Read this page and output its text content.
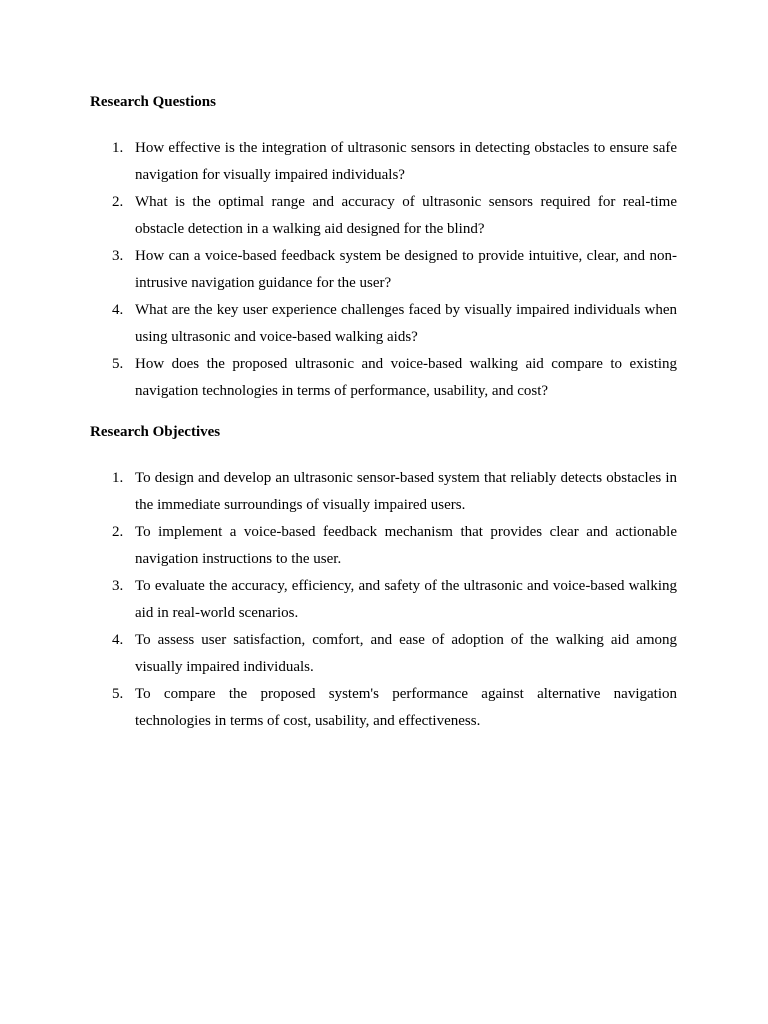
Research Questions
1. How effective is the integration of ultrasonic sensors in detecting obstacles to ensure safe navigation for visually impaired individuals?
2. What is the optimal range and accuracy of ultrasonic sensors required for real-time obstacle detection in a walking aid designed for the blind?
3. How can a voice-based feedback system be designed to provide intuitive, clear, and non-intrusive navigation guidance for the user?
4. What are the key user experience challenges faced by visually impaired individuals when using ultrasonic and voice-based walking aids?
5. How does the proposed ultrasonic and voice-based walking aid compare to existing navigation technologies in terms of performance, usability, and cost?
Research Objectives
1. To design and develop an ultrasonic sensor-based system that reliably detects obstacles in the immediate surroundings of visually impaired users.
2. To implement a voice-based feedback mechanism that provides clear and actionable navigation instructions to the user.
3. To evaluate the accuracy, efficiency, and safety of the ultrasonic and voice-based walking aid in real-world scenarios.
4. To assess user satisfaction, comfort, and ease of adoption of the walking aid among visually impaired individuals.
5. To compare the proposed system's performance against alternative navigation technologies in terms of cost, usability, and effectiveness.
